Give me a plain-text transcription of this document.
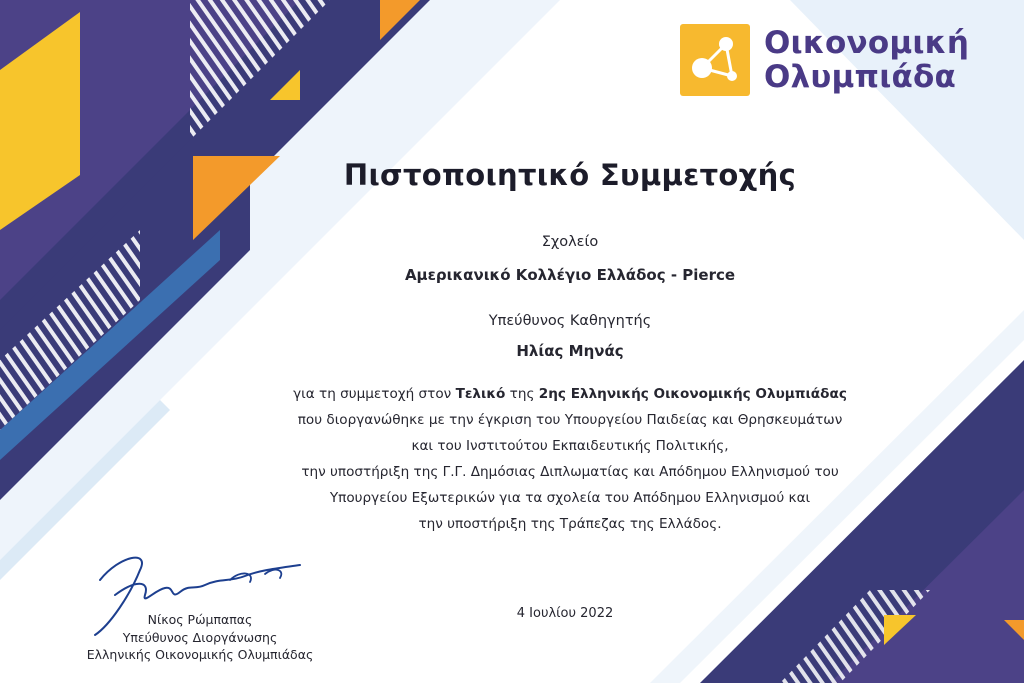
Οικονομική
Ολυμπιάδα
Πιστοποιητικό Συμμετοχής
Σχολείο
Αμερικανικό Κολλέγιο Ελλάδος - Pierce
Υπεύθυνος Καθηγητής
Ηλίας Μηνάς
για τη συμμετοχή στον Τελικό της 2ης Ελληνικής Οικονομικής Ολυμπιάδας
που διοργανώθηκε με την έγκριση του Υπουργείου Παιδείας και Θρησκευμάτων
και του Ινστιτούτου Εκπαιδευτικής Πολιτικής,
την υποστήριξη της Γ.Γ. Δημόσιας Διπλωματίας και Απόδημου Ελληνισμού του
Υπουργείου Εξωτερικών για τα σχολεία του Απόδημου Ελληνισμού και
την υποστήριξη της Τράπεζας της Ελλάδος.
Νίκος Ρώμπαπας
Υπεύθυνος Διοργάνωσης
Ελληνικής Οικονομικής Ολυμπιάδας
4 Ιουλίου 2022
